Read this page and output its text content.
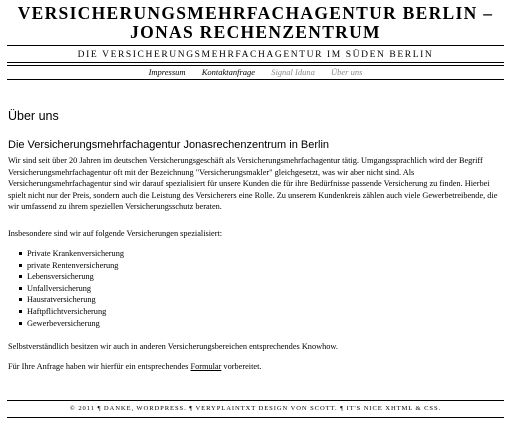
VERSICHERUNGSMEHRFACHAGENTUR BERLIN – JONAS RECHENZENTRUM
DIE VERSICHERUNGSMEHRFACHAGENTUR IM SÜDEN BERLIN
Impressum Kontaktanfrage Signal Iduna Über uns
Über uns
Die Versicherungsmehrfachagentur Jonasrechenzentrum in Berlin

Wir sind seit über 20 Jahren im deutschen Versicherungsgeschäft als Versicherungsmehrfachagentur tätig. Umgangssprachlich wird der Begriff Versicherungsmehrfachagentur oft mit der Bezeichnung "Versicherungsmakler" gleichgesetzt, was wir aber nicht sind. Als Versicherungsmehrfachagentur sind wir darauf spezialisiert für unsere Kunden die für ihre Bedürfnisse passende Versicherung zu finden. Hierbei spielt nicht nur der Preis, sondern auch die Leistung des Versicherers eine Rolle. Zu unserem Kundenkreis zählen auch viele Gewerbetreibende, die wir umfassend zu ihrem speziellen Versicherungsschutz beraten.

Insbesondere sind wir auf folgende Versicherungen spezialisiert:

Private Krankenversicherung
private Rentenversicherung
Lebensversicherung
Unfallversicherung
Hausratversicherung
Haftpflichtversicherung
Gewerbeversicherung

Selbstverständlich besitzen wir auch in anderen Versicherungsbereichen entsprechendes Knowhow.

Für Ihre Anfrage haben wir hierfür ein entsprechendes Formular vorbereitet.

© 2011 ¶ DANKE, WORDPRESS. ¶ VERYPLAINTXT DESIGN VON SCOTT. ¶ IT'S NICE XHTML & CSS.
